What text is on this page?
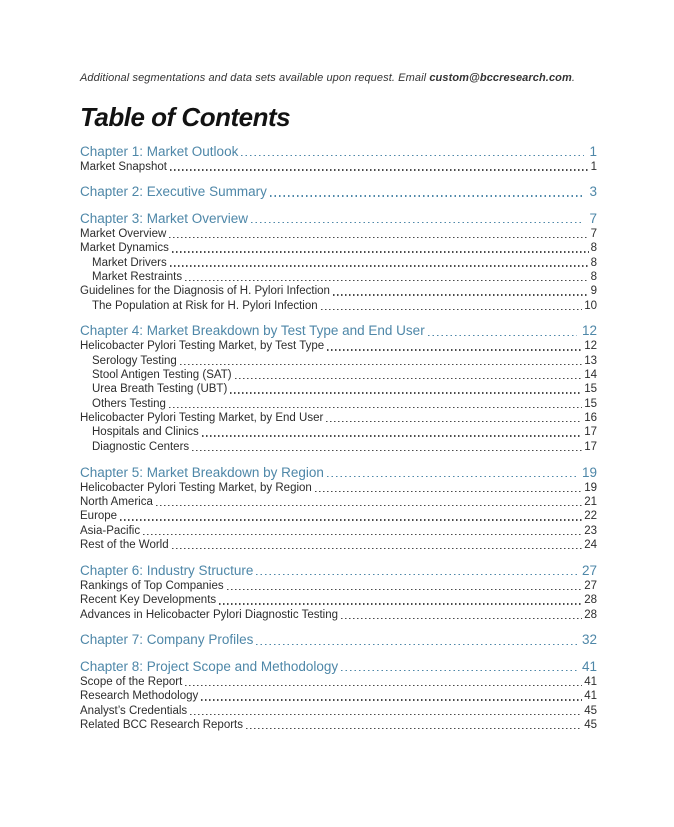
Additional segmentations and data sets available upon request. Email custom@bccresearch.com.
Table of Contents
Chapter 1: Market Outlook	1
Market Snapshot	1
Chapter 2: Executive Summary	3
Chapter 3: Market Overview	7
Market Overview	7
Market Dynamics	8
Market Drivers	8
Market Restraints	8
Guidelines for the Diagnosis of H. Pylori Infection	9
The Population at Risk for H. Pylori Infection	10
Chapter 4: Market Breakdown by Test Type and End User	12
Helicobacter Pylori Testing Market, by Test Type	12
Serology Testing	13
Stool Antigen Testing (SAT)	14
Urea Breath Testing (UBT)	15
Others Testing	15
Helicobacter Pylori Testing Market, by End User	16
Hospitals and Clinics	17
Diagnostic Centers	17
Chapter 5: Market Breakdown by Region	19
Helicobacter Pylori Testing Market, by Region	19
North America	21
Europe	22
Asia-Pacific	23
Rest of the World	24
Chapter 6: Industry Structure	27
Rankings of Top Companies	27
Recent Key Developments	28
Advances in Helicobacter Pylori Diagnostic Testing	28
Chapter 7: Company Profiles	32
Chapter 8: Project Scope and Methodology	41
Scope of the Report	41
Research Methodology	41
Analyst’s Credentials	45
Related BCC Research Reports	45
